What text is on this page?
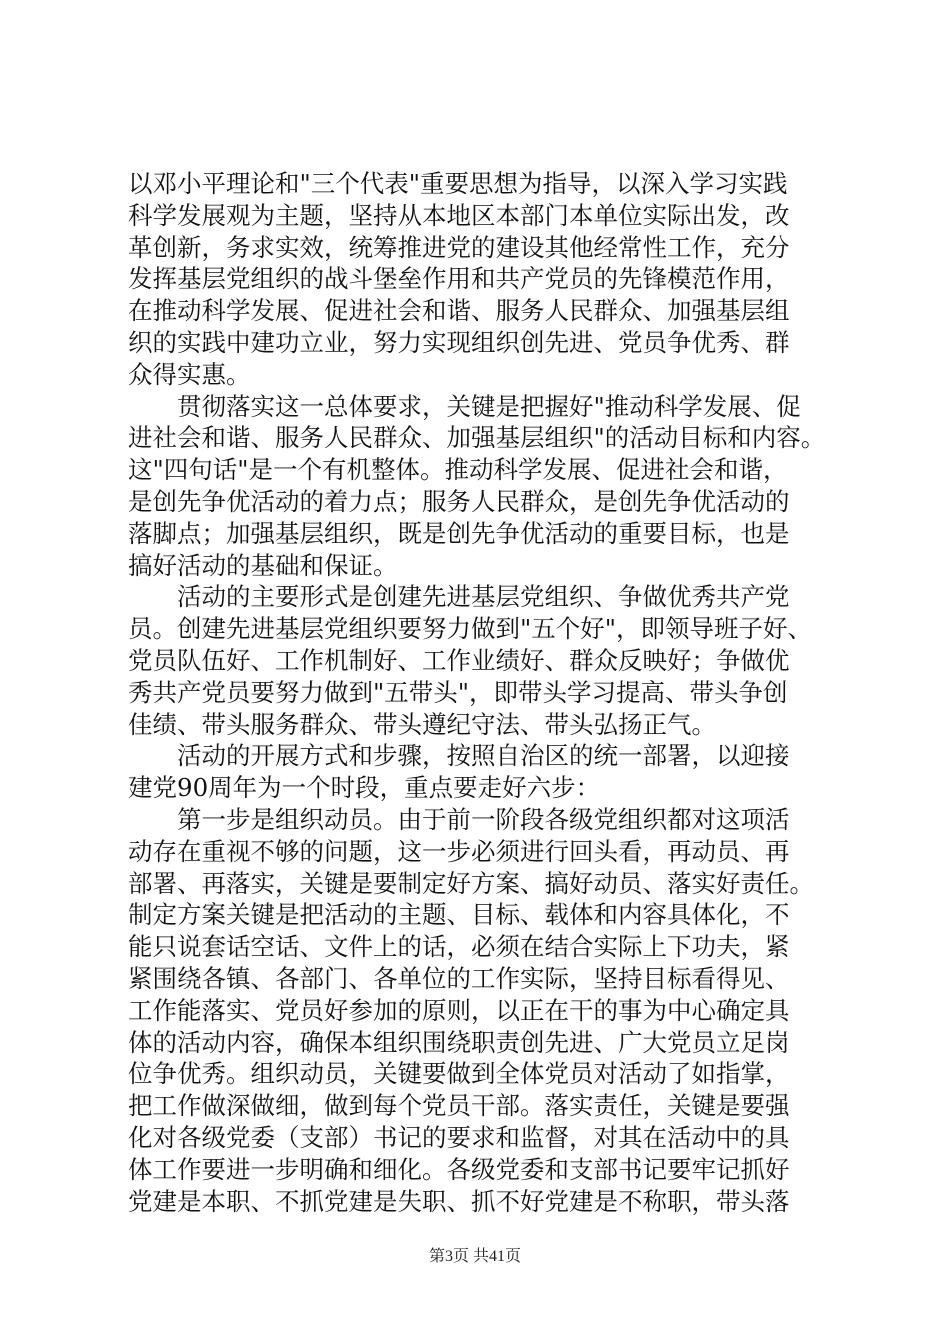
以邓小平理论和"三个代表"重要思想为指导，以深入学习实践
科学发展观为主题，坚持从本地区本部门本单位实际出发，改
革创新，务求实效，统筹推进党的建设其他经常性工作，充分
发挥基层党组织的战斗堡垒作用和共产党员的先锋模范作用，
在推动科学发展、促进社会和谐、服务人民群众、加强基层组
织的实践中建功立业，努力实现组织创先进、党员争优秀、群
众得实惠。
　　贯彻落实这一总体要求，关键是把握好"推动科学发展、促
进社会和谐、服务人民群众、加强基层组织"的活动目标和内容。
这"四句话"是一个有机整体。推动科学发展、促进社会和谐，
是创先争优活动的着力点；服务人民群众，是创先争优活动的
落脚点；加强基层组织，既是创先争优活动的重要目标，也是
搞好活动的基础和保证。
　　活动的主要形式是创建先进基层党组织、争做优秀共产党
员。创建先进基层党组织要努力做到"五个好"，即领导班子好、
党员队伍好、工作机制好、工作业绩好、群众反映好；争做优
秀共产党员要努力做到"五带头"，即带头学习提高、带头争创
佳绩、带头服务群众、带头遵纪守法、带头弘扬正气。
　　活动的开展方式和步骤，按照自治区的统一部署，以迎接
建党90周年为一个时段，重点要走好六步：
　　第一步是组织动员。由于前一阶段各级党组织都对这项活
动存在重视不够的问题，这一步必须进行回头看，再动员、再
部署、再落实，关键是要制定好方案、搞好动员、落实好责任。
制定方案关键是把活动的主题、目标、载体和内容具体化，不
能只说套话空话、文件上的话，必须在结合实际上下功夫，紧
紧围绕各镇、各部门、各单位的工作实际，坚持目标看得见、
工作能落实、党员好参加的原则，以正在干的事为中心确定具
体的活动内容，确保本组织围绕职责创先进、广大党员立足岗
位争优秀。组织动员，关键要做到全体党员对活动了如指掌，
把工作做深做细，做到每个党员干部。落实责任，关键是要强
化对各级党委（支部）书记的要求和监督，对其在活动中的具
体工作要进一步明确和细化。各级党委和支部书记要牢记抓好
党建是本职、不抓党建是失职、抓不好党建是不称职，带头落
第3页 共41页
